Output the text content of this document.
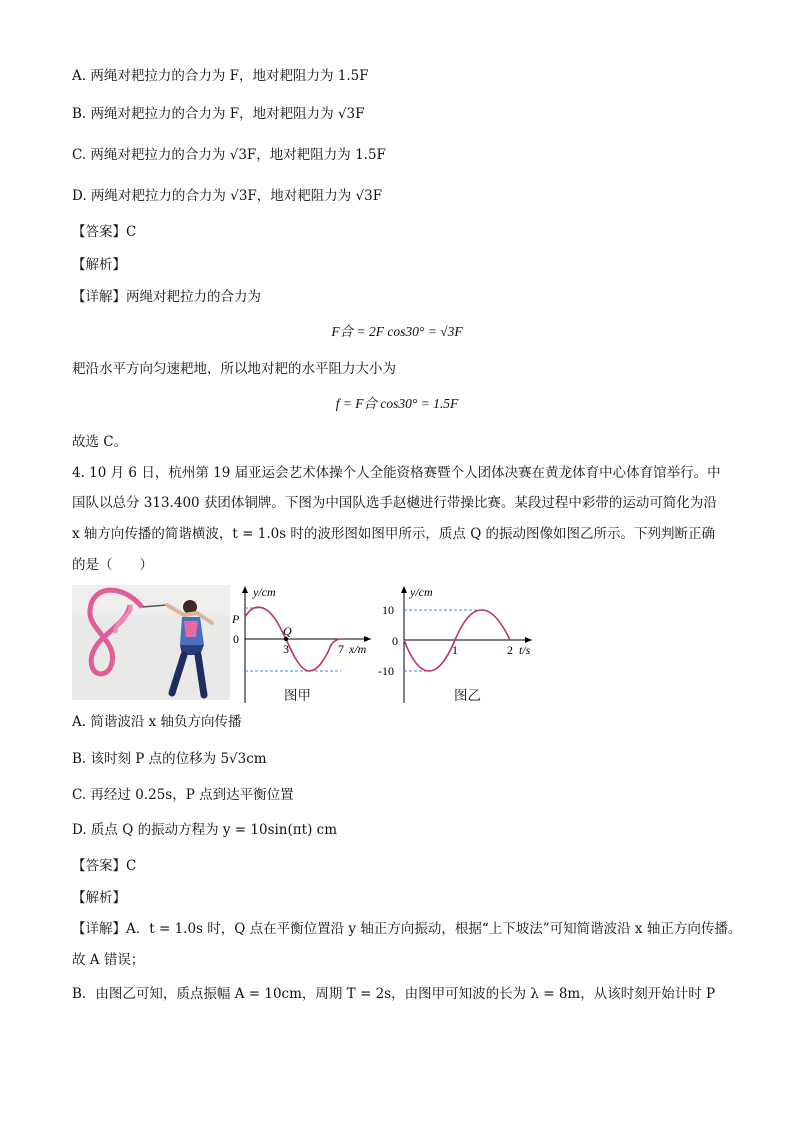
A. 两绳对耙拉力的合力为 F，地对耙阻力为 1.5F
B. 两绳对耙拉力的合力为 F，地对耙阻力为 √3F
C. 两绳对耙拉力的合力为 √3F，地对耙阻力为 1.5F
D. 两绳对耙拉力的合力为 √3F，地对耙阻力为 √3F
【答案】C
【解析】
【详解】两绳对耙拉力的合力为
F合 = 2F cos30° = √3F
耙沿水平方向匀速耙地，所以地对耙的水平阻力大小为
f = F合 cos30° = 1.5F
故选 C。
4. 10 月 6 日，杭州第 19 届亚运会艺术体操个人全能资格赛暨个人团体决赛在黄龙体育中心体育馆举行。中
国队以总分 313.400 获团体铜牌。下图为中国队选手赵樾进行带操比赛。某段过程中彩带的运动可简化为沿
x 轴方向传播的简谐横波，t = 1.0s 时的波形图如图甲所示，质点 Q 的振动图像如图乙所示。下列判断正确
的是（　　）
y/cm
P
0
Q
3	7 x/m
图甲
y/cm
10
0
-10
1	2 t/s
图乙
A. 简谐波沿 x 轴负方向传播
B. 该时刻 P 点的位移为 5√3cm
C. 再经过 0.25s，P 点到达平衡位置
D. 质点 Q 的振动方程为 y = 10sin(πt) cm
【答案】C
【解析】
【详解】A．t = 1.0s 时，Q 点在平衡位置沿 y 轴正方向振动，根据“上下坡法”可知简谐波沿 x 轴正方向传播。
故 A 错误；
B．由图乙可知，质点振幅 A = 10cm，周期 T = 2s，由图甲可知波的长为 λ = 8m，从该时刻开始计时 P
